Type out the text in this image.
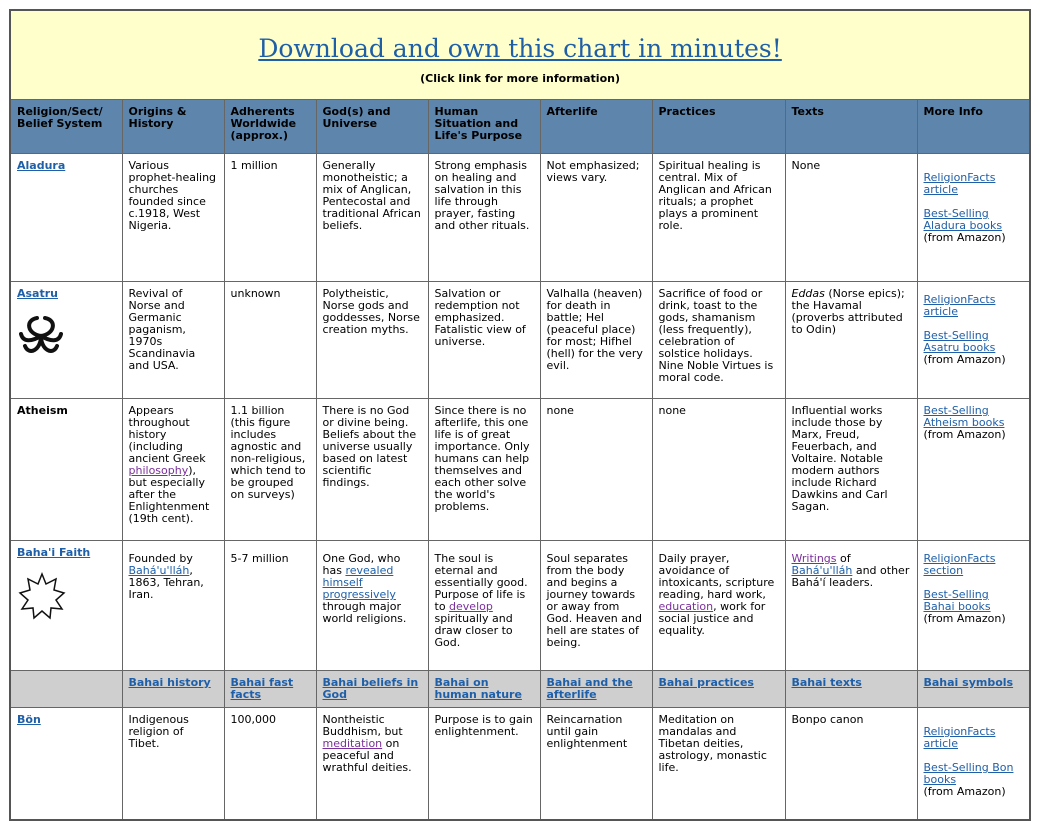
Download and own this chart in minutes!
(Click link for more information)								

Religion/Sect/ Belief System	Origins & History	Adherents Worldwide (approx.)	God(s) and Universe	Human Situation and Life's Purpose	Afterlife	Practices	Texts	More Info
Aladura	Various prophet-healing churches founded since c.1918, West Nigeria.	1 million	Generally monotheistic; a mix of Anglican, Pentecostal and traditional African beliefs.	Strong emphasis on healing and salvation in this life through prayer, fasting and other rituals.	Not emphasized; views vary.	Spiritual healing is central. Mix of Anglican and African rituals; a prophet plays a prominent role.	None	ReligionFacts article
Best-Selling Aladura books
(from Amazon)
Asatru	Revival of Norse and Germanic paganism, 1970s Scandinavia and USA.	unknown	Polytheistic, Norse gods and goddesses, Norse creation myths.	Salvation or redemption not emphasized. Fatalistic view of universe.	Valhalla (heaven) for death in battle; Hel (peaceful place) for most; Hifhel (hell) for the very evil.	Sacrifice of food or drink, toast to the gods, shamanism (less frequently), celebration of solstice holidays. Nine Noble Virtues is moral code.	Eddas (Norse epics); the Havamal (proverbs attributed to Odin)	ReligionFacts article
Best-Selling Asatru books
(from Amazon)
Atheism	Appears throughout history (including ancient Greek philosophy), but especially after the Enlightenment (19th cent).	1.1 billion (this figure includes agnostic and non-religious, which tend to be grouped on surveys)	There is no God or divine being. Beliefs about the universe usually based on latest scientific findings.	Since there is no afterlife, this one life is of great importance. Only humans can help themselves and each other solve the world's problems.	none	none	Influential works include those by Marx, Freud, Feuerbach, and Voltaire. Notable modern authors include Richard Dawkins and Carl Sagan.	Best-Selling Atheism books
(from Amazon)
Baha'i Faith	Founded by Bahá'u'lláh, 1863, Tehran, Iran.	5-7 million	One God, who has revealed himself progressively through major world religions.	The soul is eternal and essentially good. Purpose of life is to develop spiritually and draw closer to God.	Soul separates from the body and begins a journey towards or away from God. Heaven and hell are states of being.	Daily prayer, avoidance of intoxicants, scripture reading, hard work, education, work for social justice and equality.	Writings of Bahá'u'lláh and other Bahá'í leaders.	ReligionFacts section
Best-Selling Bahai books
(from Amazon)
	Bahai history	Bahai fast facts	Bahai beliefs in God	Bahai on human nature	Bahai and the afterlife	Bahai practices	Bahai texts	Bahai symbols
Bön	Indigenous religion of Tibet.	100,000	Nontheistic Buddhism, but meditation on peaceful and wrathful deities.	Purpose is to gain enlightenment.	Reincarnation until gain enlightenment	Meditation on mandalas and Tibetan deities, astrology, monastic life.	Bonpo canon	ReligionFacts article
Best-Selling Bon books
(from Amazon)
